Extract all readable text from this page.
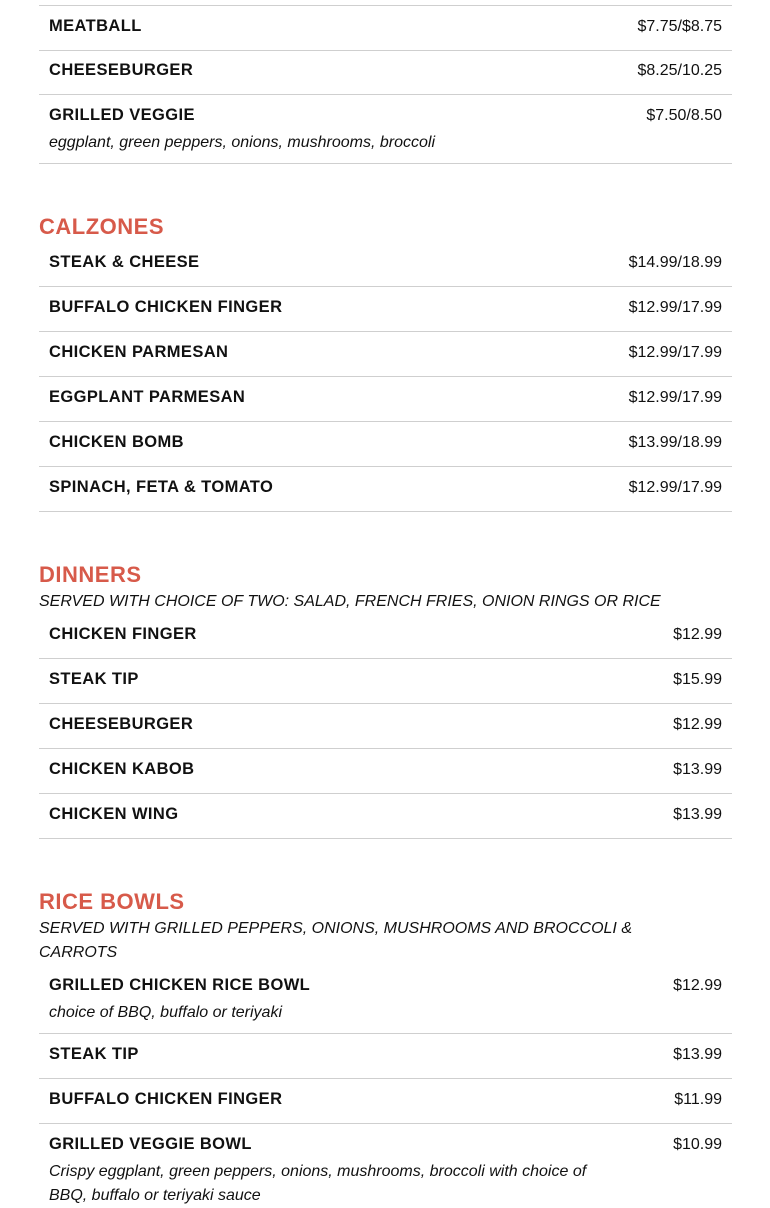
MEATBALL	$7.75/$8.75
CHEESEBURGER	$8.25/10.25
GRILLED VEGGIE	$7.50/8.50
eggplant, green peppers, onions, mushrooms, broccoli
CALZONES
STEAK & CHEESE	$14.99/18.99
BUFFALO CHICKEN FINGER	$12.99/17.99
CHICKEN PARMESAN	$12.99/17.99
EGGPLANT PARMESAN	$12.99/17.99
CHICKEN BOMB	$13.99/18.99
SPINACH, FETA & TOMATO	$12.99/17.99
DINNERS
SERVED WITH CHOICE OF TWO: SALAD, FRENCH FRIES, ONION RINGS OR RICE
CHICKEN FINGER	$12.99
STEAK TIP	$15.99
CHEESEBURGER	$12.99
CHICKEN KABOB	$13.99
CHICKEN WING	$13.99
RICE BOWLS
SERVED WITH GRILLED PEPPERS, ONIONS, MUSHROOMS AND BROCCOLI & CARROTS
GRILLED CHICKEN RICE BOWL	$12.99
choice of BBQ, buffalo or teriyaki
STEAK TIP	$13.99
BUFFALO CHICKEN FINGER	$11.99
GRILLED VEGGIE BOWL	$10.99
Crispy eggplant, green peppers, onions, mushrooms, broccoli with choice of BBQ, buffalo or teriyaki sauce
